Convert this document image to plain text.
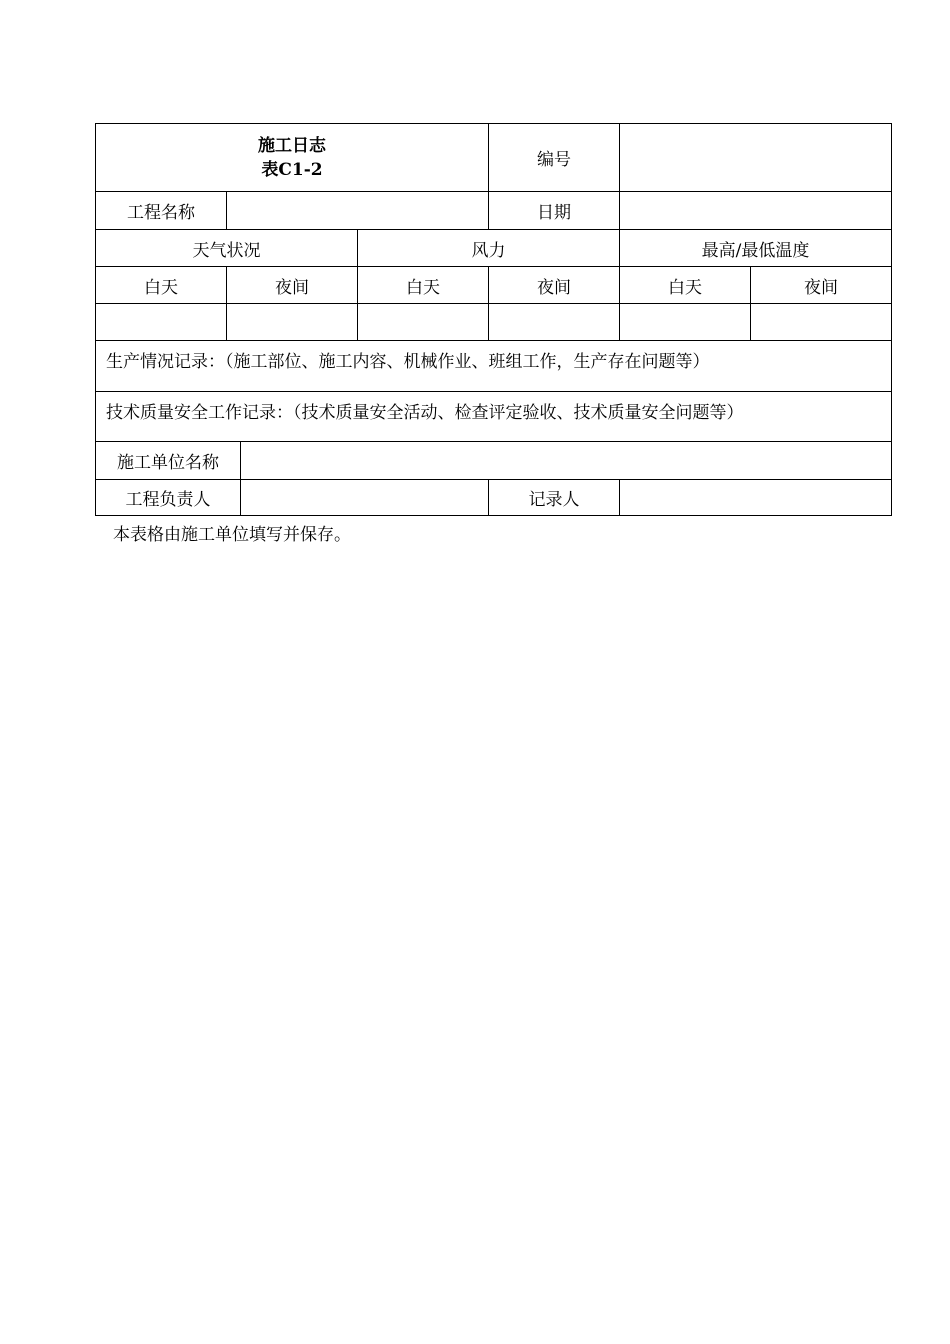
施工日志
表C1-2				编号		
工程名称				日期		
天气状况			风力		最高/最低温度	
白天	夜间		白天	夜间	白天	夜间

生产情况记录：（施工部位、施工内容、机械作业、班组工作，生产存在问题等）						
技术质量安全工作记录：（技术质量安全活动、检查评定验收、技术质量安全问题等）						
施工单位名称						
工程负责人				记录人		
本表格由施工单位填写并保存。
